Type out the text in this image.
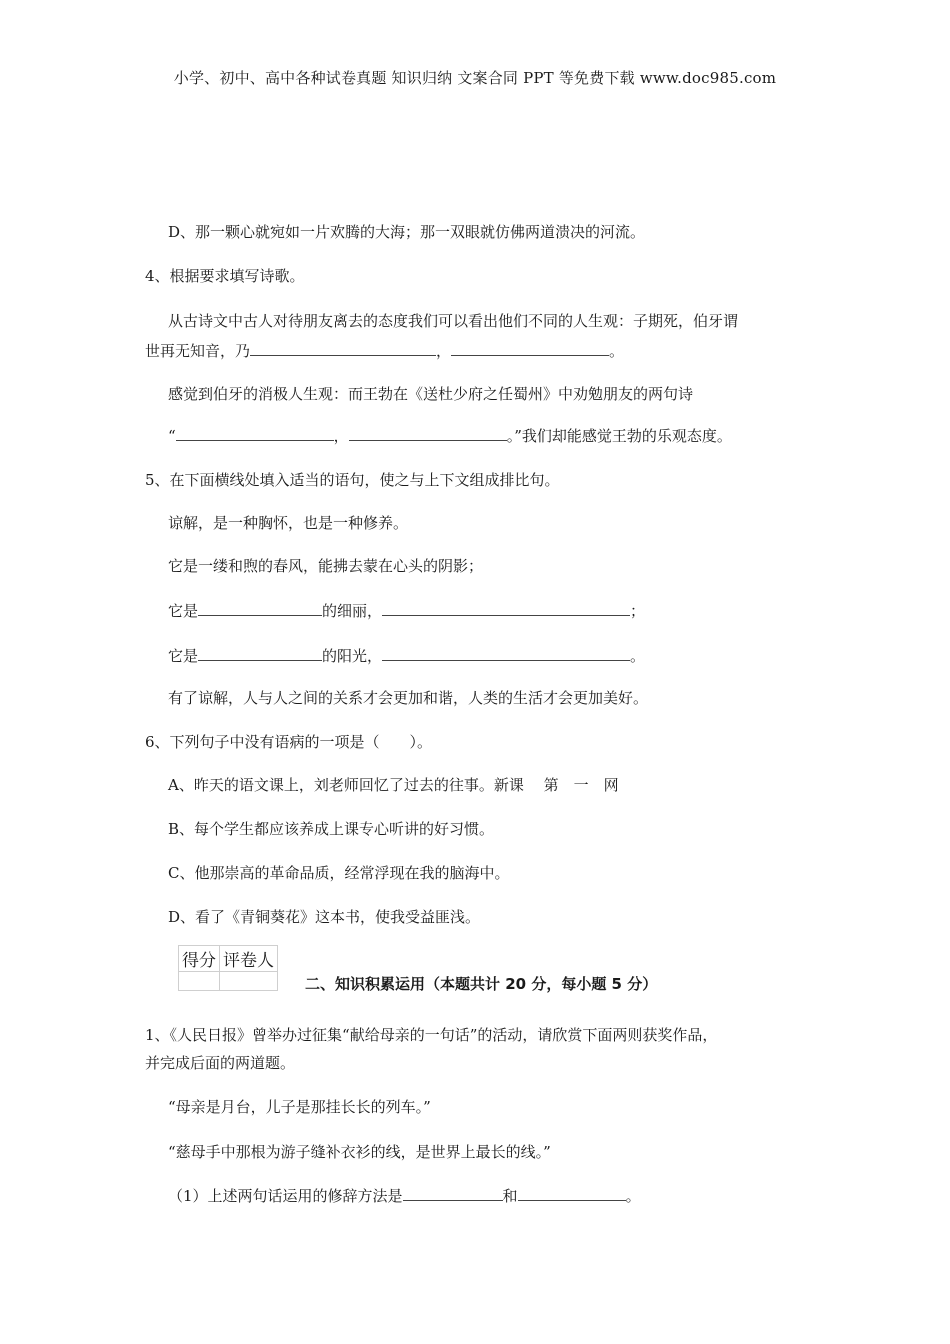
小学、初中、高中各种试卷真题 知识归纳 文案合同 PPT 等免费下载 www.doc985.com
D、那一颗心就宛如一片欢腾的大海；那一双眼就仿佛两道溃决的河流。
4、根据要求填写诗歌。
从古诗文中古人对待朋友离去的态度我们可以看出他们不同的人生观：子期死，伯牙谓
世再无知音，乃	，	。
感觉到伯牙的消极人生观：而王勃在《送杜少府之任蜀州》中劝勉朋友的两句诗
“	，	。”我们却能感觉王勃的乐观态度。
5、在下面横线处填入适当的语句，使之与上下文组成排比句。
谅解，是一种胸怀，也是一种修养。
它是一缕和煦的春风，能拂去蒙在心头的阴影；
它是	的细丽，	；
它是	的阳光，	。
有了谅解，人与人之间的关系才会更加和谐，人类的生活才会更加美好。
6、下列句子中没有语病的一项是（　　）。
A、昨天的语文课上，刘老师回忆了过去的往事。新课　 第　一　网
B、每个学生都应该养成上课专心听讲的好习惯。
C、他那崇高的革命品质，经常浮现在我的脑海中。
D、看了《青铜葵花》这本书，使我受益匪浅。
得分	评卷人

二、知识积累运用（本题共计 20 分，每小题 5 分）
1、《人民日报》曾举办过征集“献给母亲的一句话”的活动，请欣赏下面两则获奖作品，
并完成后面的两道题。
“母亲是月台，儿子是那挂长长的列车。”
“慈母手中那根为游子缝补衣衫的线，是世界上最长的线。”
（1）上述两句话运用的修辞方法是	和	。
